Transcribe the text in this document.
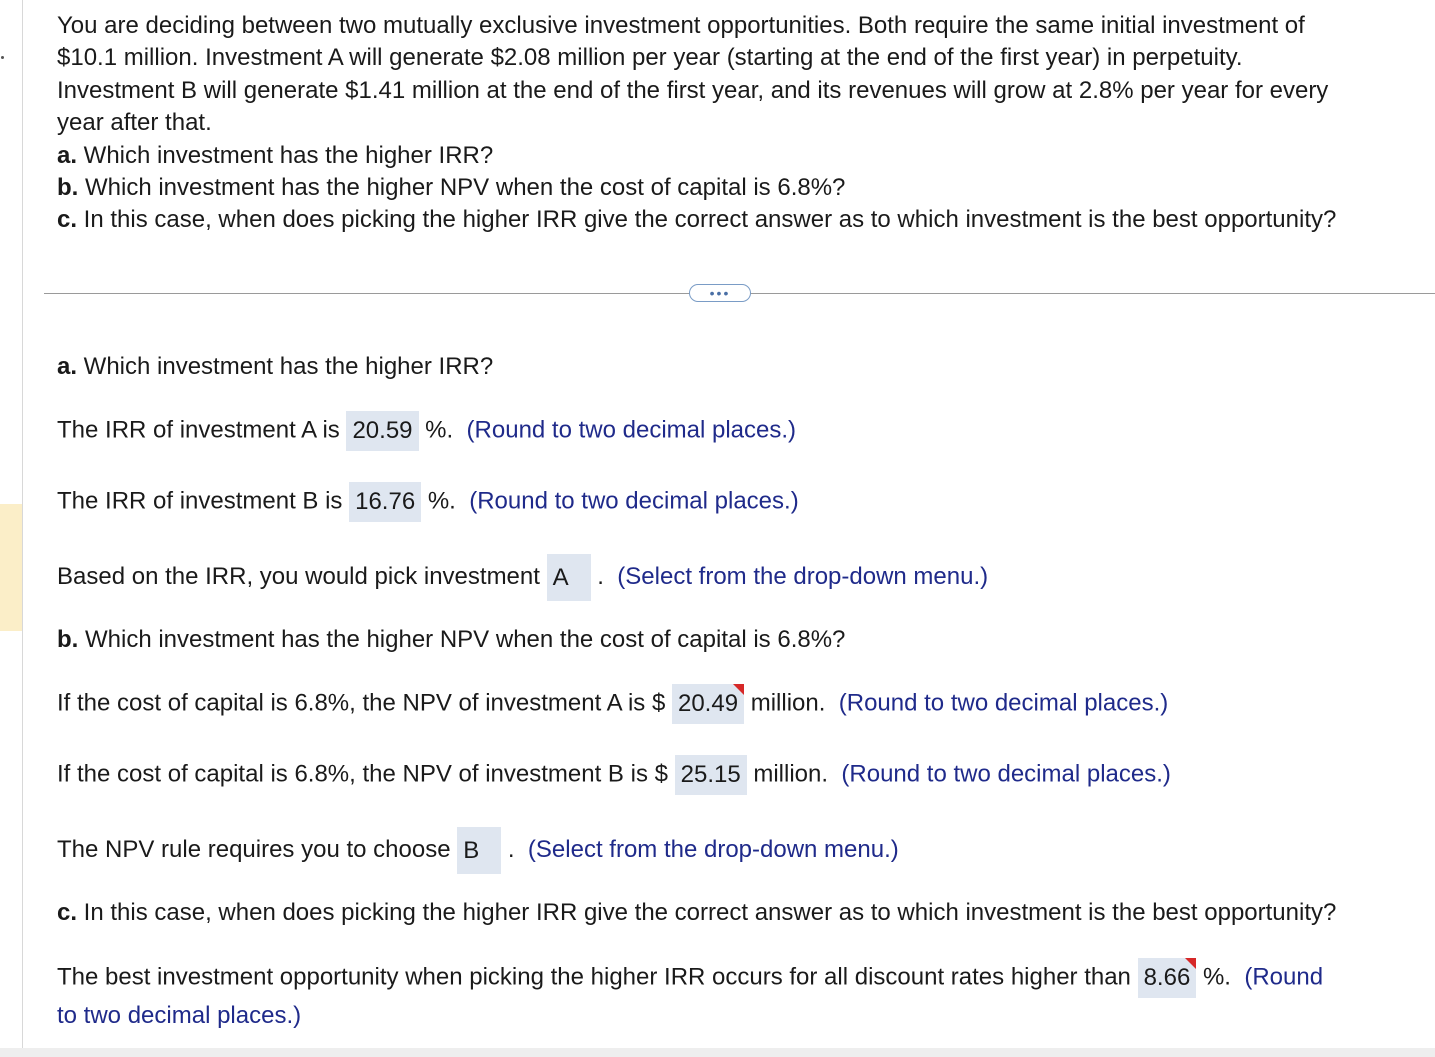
You are deciding between two mutually exclusive investment opportunities. Both require the same initial investment of
$10.1 million. Investment A will generate $2.08 million per year (starting at the end of the first year) in perpetuity.
Investment B will generate $1.41 million at the end of the first year, and its revenues will grow at 2.8% per year for every
year after that.
a. Which investment has the higher IRR?
b. Which investment has the higher NPV when the cost of capital is 6.8%?
c. In this case, when does picking the higher IRR give the correct answer as to which investment is the best opportunity?
•••
a. Which investment has the higher IRR?
The IRR of investment A is 20.59 %. (Round to two decimal places.)
The IRR of investment B is 16.76 %. (Round to two decimal places.)
Based on the IRR, you would pick investment A . (Select from the drop-down menu.)
b. Which investment has the higher NPV when the cost of capital is 6.8%?
If the cost of capital is 6.8%, the NPV of investment A is $ 20.49
million. (Round to two decimal places.)
If the cost of capital is 6.8%, the NPV of investment B is $ 25.15 million. (Round to two decimal places.)
The NPV rule requires you to choose B . (Select from the drop-down menu.)
c. In this case, when does picking the higher IRR give the correct answer as to which investment is the best opportunity?
The best investment opportunity when picking the higher IRR occurs for all discount rates higher than 8.66
%. (Round
to two decimal places.)
